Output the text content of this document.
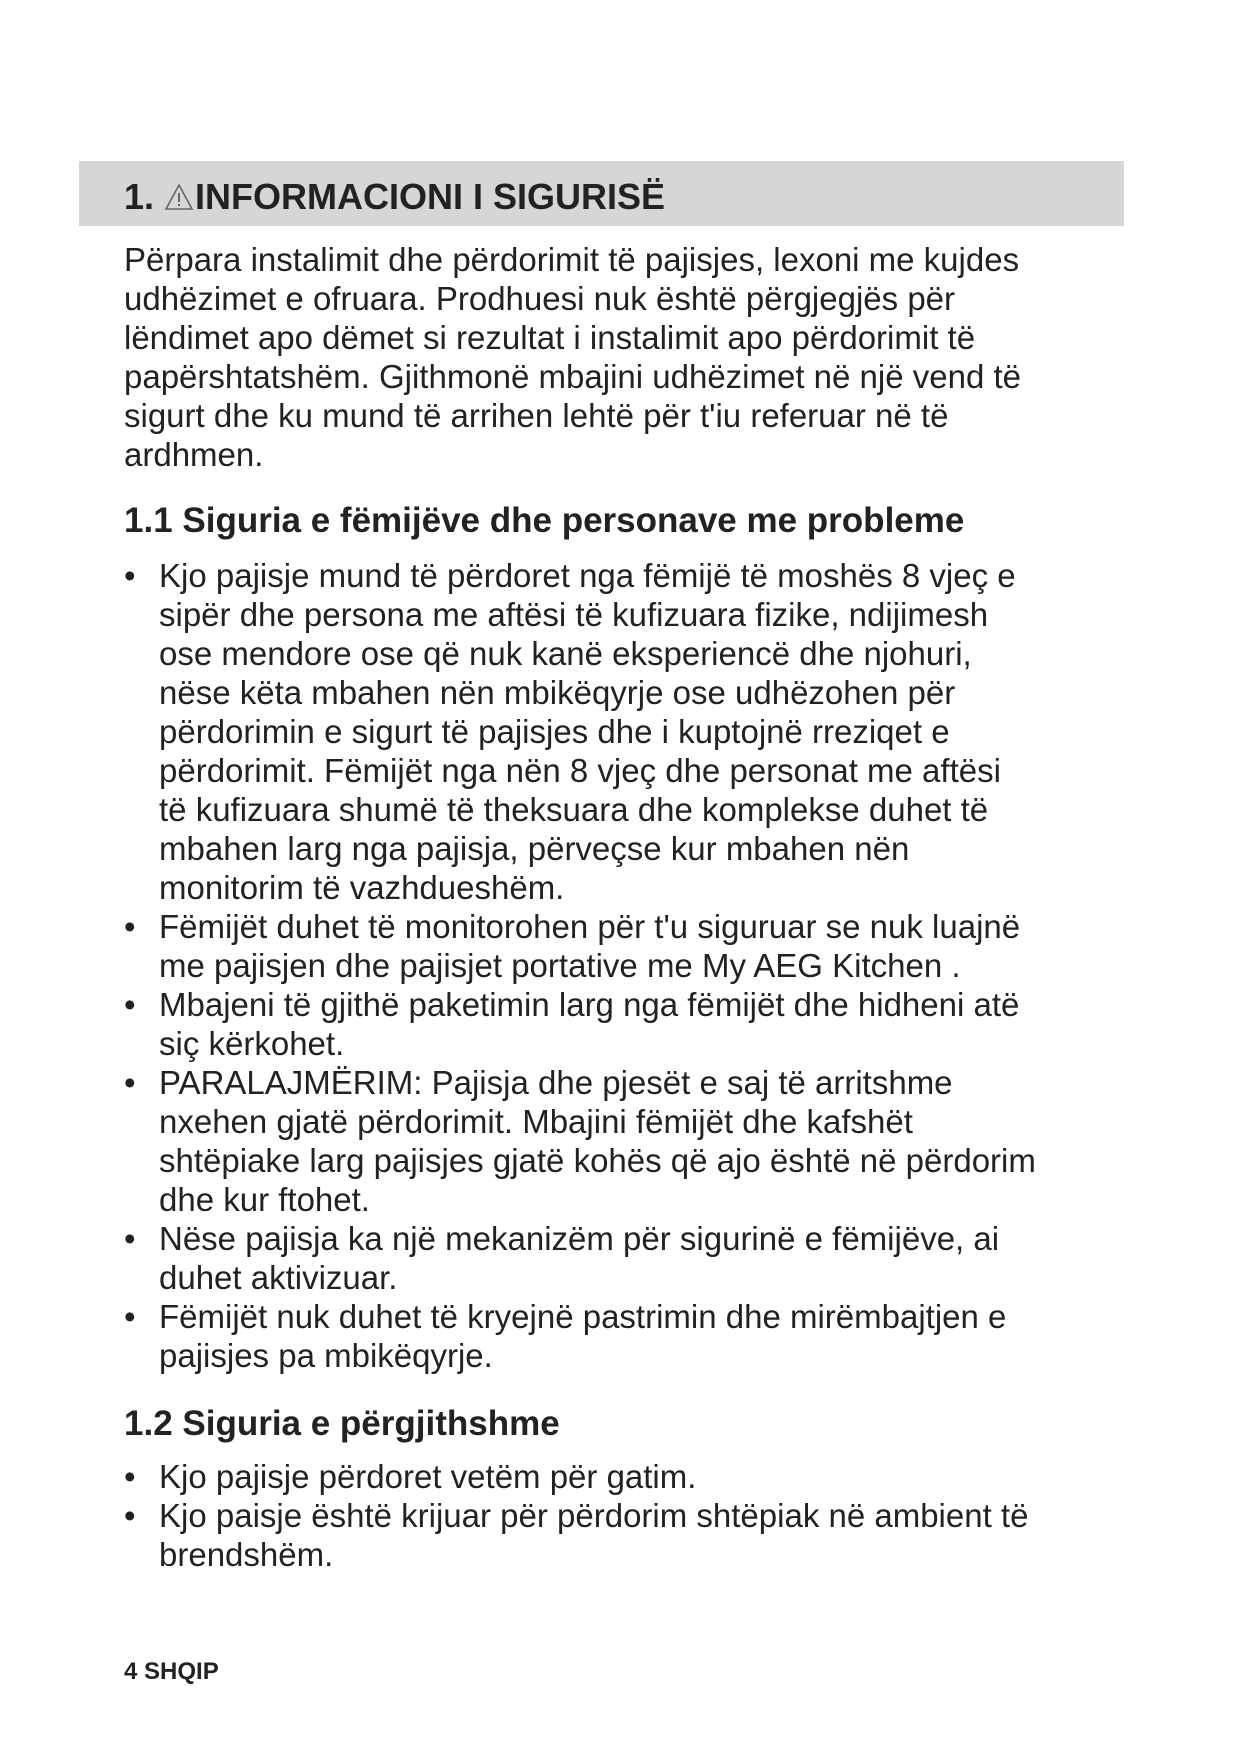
1. INFORMACIONI I SIGURISË
Përpara instalimit dhe përdorimit të pajisjes, lexoni me kujdes
udhëzimet e ofruara. Prodhuesi nuk është përgjegjës për
lëndimet apo dëmet si rezultat i instalimit apo përdorimit të
papërshtatshëm. Gjithmonë mbajini udhëzimet në një vend të
sigurt dhe ku mund të arrihen lehtë për t'iu referuar në të
ardhmen.
1.1 Siguria e fëmijëve dhe personave me probleme
• Kjo pajisje mund të përdoret nga fëmijë të moshës 8 vjeç e
sipër dhe persona me aftësi të kufizuara fizike, ndijimesh
ose mendore ose që nuk kanë eksperiencë dhe njohuri,
nëse këta mbahen nën mbikëqyrje ose udhëzohen për
përdorimin e sigurt të pajisjes dhe i kuptojnë rreziqet e
përdorimit. Fëmijët nga nën 8 vjeç dhe personat me aftësi
të kufizuara shumë të theksuara dhe komplekse duhet të
mbahen larg nga pajisja, përveçse kur mbahen nën
monitorim të vazhdueshëm.
• Fëmijët duhet të monitorohen për t'u siguruar se nuk luajnë
me pajisjen dhe pajisjet portative me My AEG Kitchen .
• Mbajeni të gjithë paketimin larg nga fëmijët dhe hidheni atë
siç kërkohet.
• PARALAJMËRIM: Pajisja dhe pjesët e saj të arritshme
nxehen gjatë përdorimit. Mbajini fëmijët dhe kafshët
shtëpiake larg pajisjes gjatë kohës që ajo është në përdorim
dhe kur ftohet.
• Nëse pajisja ka një mekanizëm për sigurinë e fëmijëve, ai
duhet aktivizuar.
• Fëmijët nuk duhet të kryejnë pastrimin dhe mirëmbajtjen e
pajisjes pa mbikëqyrje.
1.2 Siguria e përgjithshme
• Kjo pajisje përdoret vetëm për gatim.
• Kjo paisje është krijuar për përdorim shtëpiak në ambient të
brendshëm.
4 SHQIP
